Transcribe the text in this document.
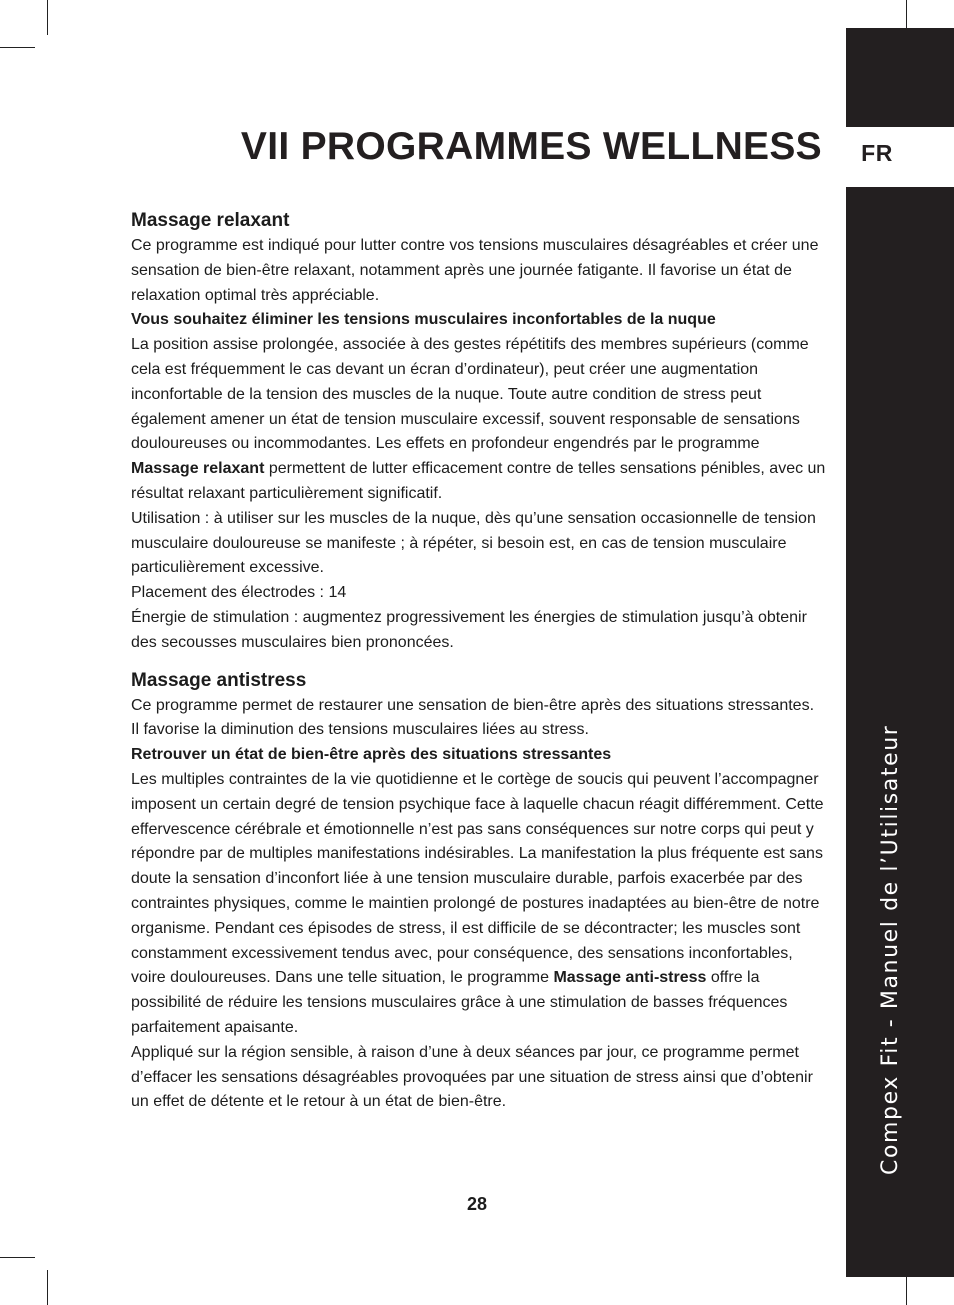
FR
Compex Fit - Manuel de l’Utilisateur
VII PROGRAMMES WELLNESS
Massage relaxant

Ce programme est indiqué pour lutter contre vos tensions musculaires désagréables et créer une sensation de bien-être relaxant, notamment après une journée fatigante. Il favorise un état de relaxation optimal très appréciable.

Vous souhaitez éliminer les tensions musculaires inconfortables de la nuque

La position assise prolongée, associée à des gestes répétitifs des membres supérieurs (comme cela est fréquemment le cas devant un écran d’ordinateur), peut créer une augmentation inconfortable de la tension des muscles de la nuque. Toute autre condition de stress peut également amener un état de tension musculaire excessif, souvent responsable de sensations douloureuses ou incommodantes. Les effets en profondeur engendrés par le programme Massage relaxant permettent de lutter efficacement contre de telles sensations pénibles, avec un résultat relaxant particulièrement significatif.

Utilisation : à utiliser sur les muscles de la nuque, dès qu’une sensation occasionnelle de tension musculaire douloureuse se manifeste ; à répéter, si besoin est, en cas de tension musculaire particulièrement excessive.

Placement des électrodes : 14

Énergie de stimulation : augmentez progressivement les énergies de stimulation jusqu’à obtenir des secousses musculaires bien prononcées.

Massage antistress

Ce programme permet de restaurer une sensation de bien-être après des situations stressantes. Il favorise la diminution des tensions musculaires liées au stress.

Retrouver un état de bien-être après des situations stressantes

Les multiples contraintes de la vie quotidienne et le cortège de soucis qui peuvent l’accompagner imposent un certain degré de tension psychique face à laquelle chacun réagit différemment. Cette effervescence cérébrale et émotionnelle n’est pas sans conséquences sur notre corps qui peut y répondre par de multiples manifestations indésirables. La manifestation la plus fréquente est sans doute la sensation d’inconfort liée à une tension musculaire durable, parfois exacerbée par des contraintes physiques, comme le maintien prolongé de postures inadaptées au bien-être de notre organisme. Pendant ces épisodes de stress, il est difficile de se décontracter; les muscles sont constamment excessivement tendus avec, pour conséquence, des sensations inconfortables, voire douloureuses. Dans une telle situation, le programme Massage anti-stress offre la possibilité de réduire les tensions musculaires grâce à une stimulation de basses fréquences parfaitement apaisante.

Appliqué sur la région sensible, à raison d’une à deux séances par jour, ce programme permet d’effacer les sensations désagréables provoquées par une situation de stress ainsi que d’obtenir un effet de détente et le retour à un état de bien-être.

28
